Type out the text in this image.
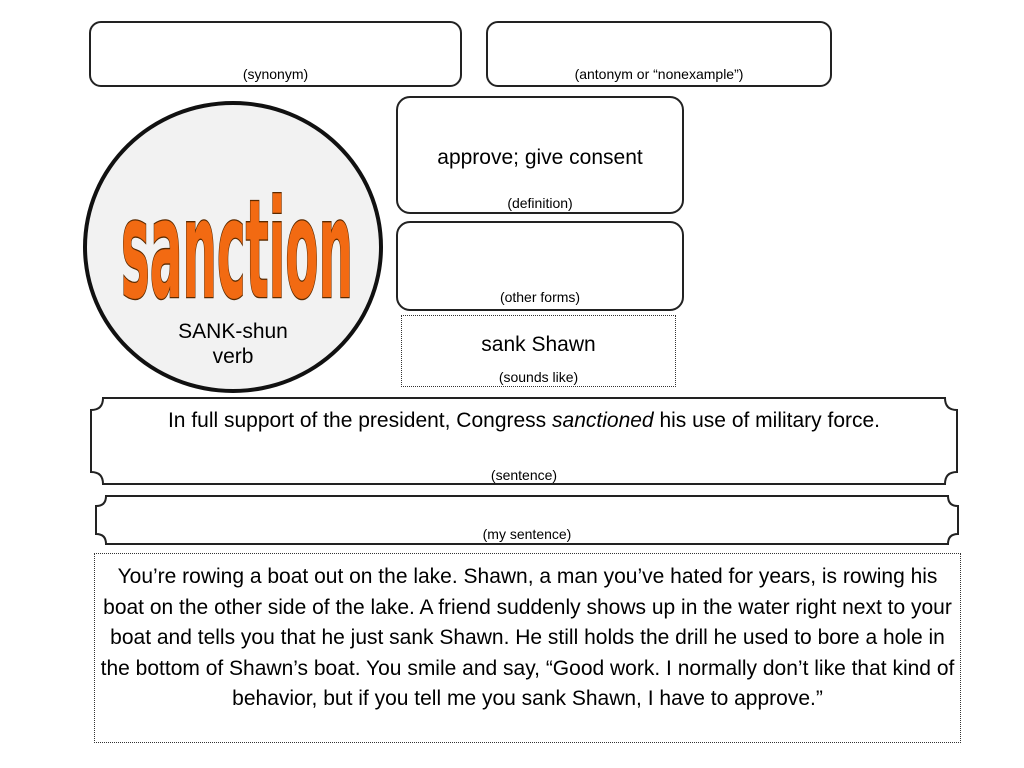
(synonym)	(antonym or “nonexample”)
sanction
SANK-shun
verb
approve; give consent
(definition)
(other forms)
sank Shawn
(sounds like)
In full support of the president, Congress sanctioned his use of military force.
(sentence)
(my sentence)
You’re rowing a boat out on the lake. Shawn, a man you’ve hated for years, is rowing his boat on the other side of the lake. A friend suddenly shows up in the water right next to your boat and tells you that he just sank Shawn. He still holds the drill he used to bore a hole in the bottom of Shawn’s boat. You smile and say, “Good work. I normally don’t like that kind of behavior, but if you tell me you sank Shawn, I have to approve.”
